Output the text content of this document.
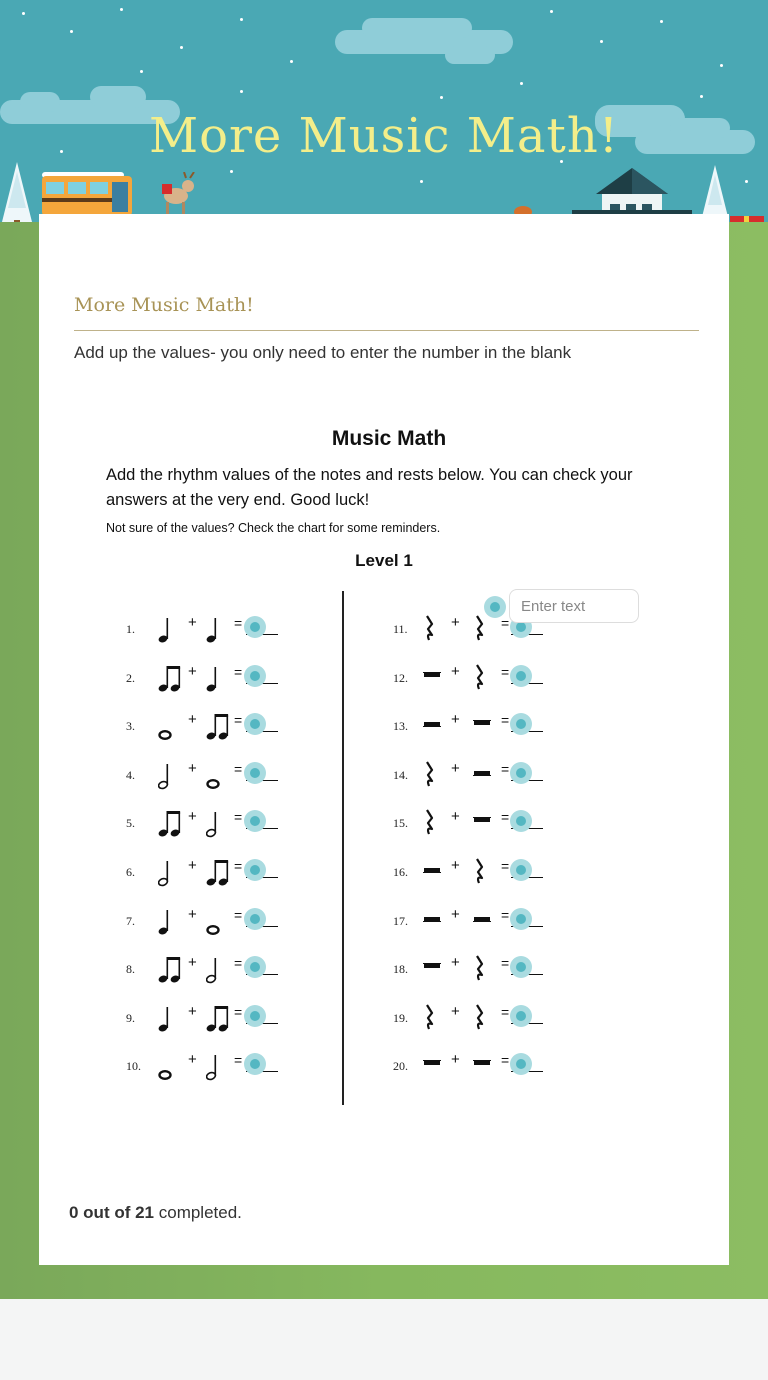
More Music Math!
More Music Math!
Add up the values- you only need to enter the number in the blank
Music Math
Add the rhythm values of the notes and rests below. You can check your answers at the very end. Good luck!
Not sure of the values? Check the chart for some reminders.
Level 1
1.	+	=
2.	+	=
3.	+	=
4.	+	=
5.	+	=
6.	+	=
7.	+	=
8.	+	=
9.	+	=
10.	+	=
11.	+	=
12.	+	=
13.	+	=
14.	+	=
15.	+	=
16.	+	=
17.	+	=
18.	+	=
19.	+	=
20.	+	=
Enter text
0 out of 21 completed.
